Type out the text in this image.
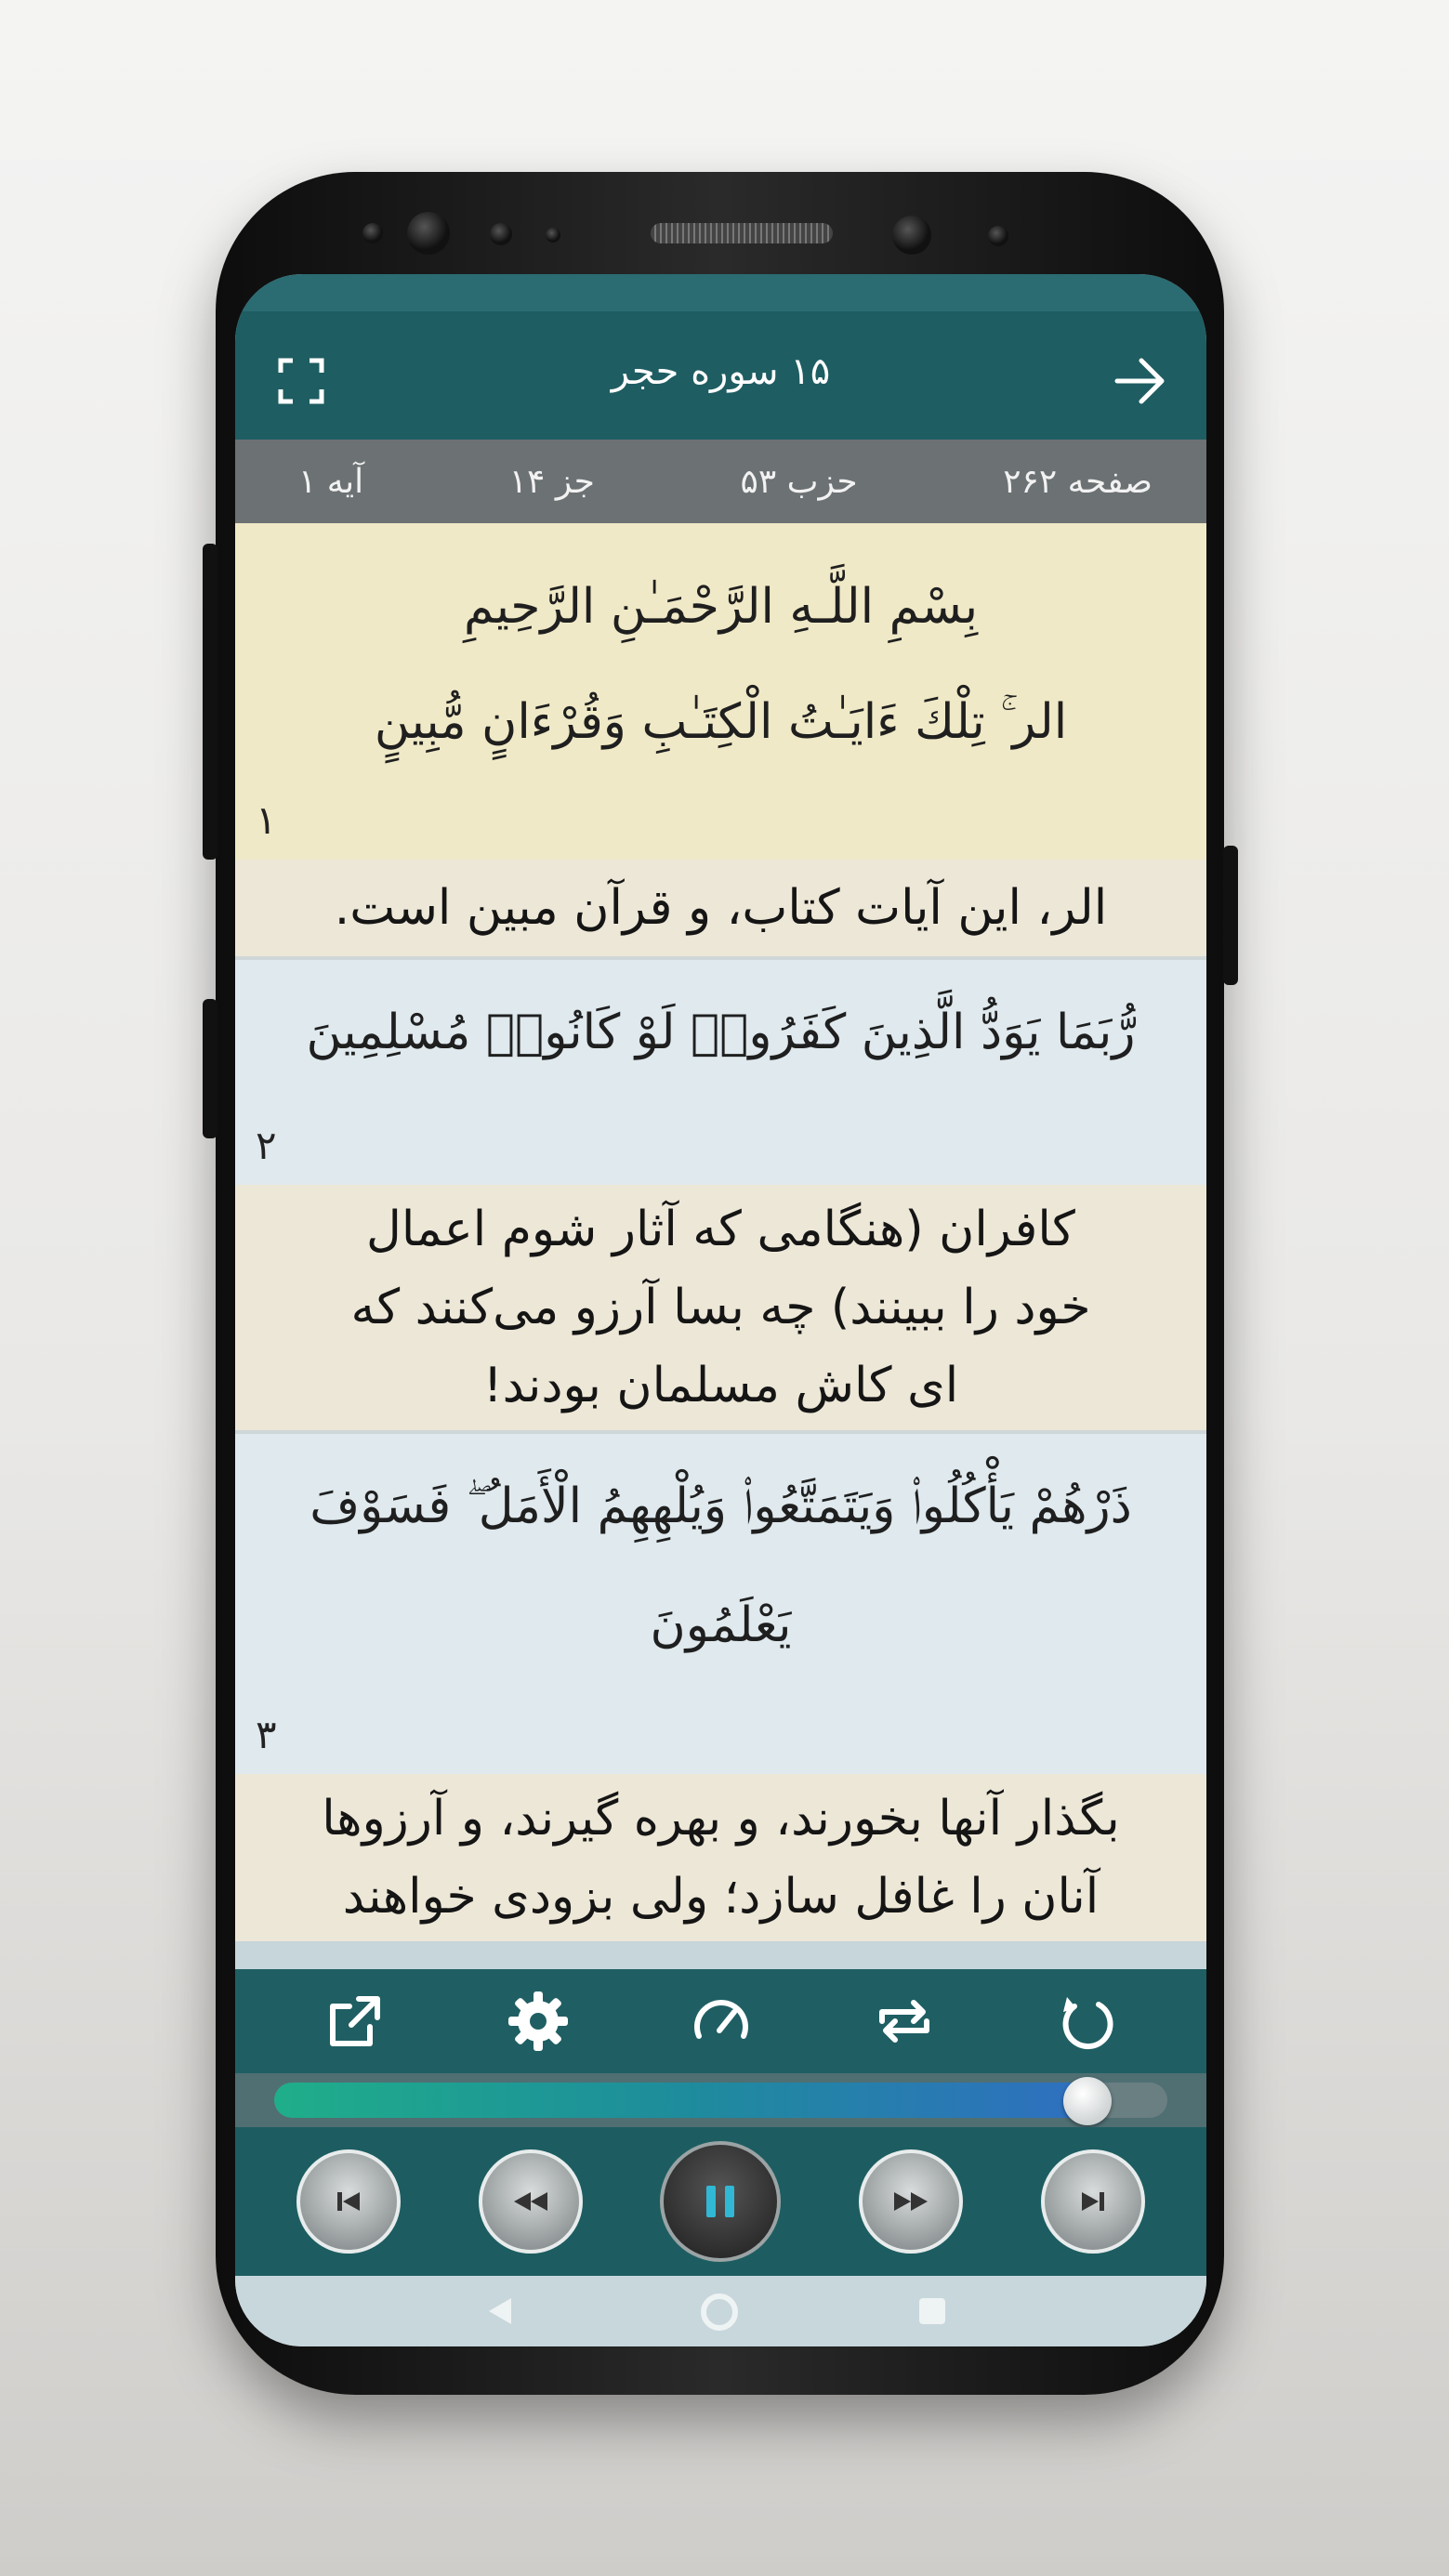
۱۵ سوره حجر
آیه ۱	جز ۱۴	حزب ۵۳	صفحه ۲۶۲
بِسْمِ اللَّـهِ الرَّحْمَـٰنِ الرَّحِيمِ
الر ۚ تِلْكَ ءَايَـٰتُ الْكِتَـٰبِ وَقُرْءَانٍ مُّبِينٍ
۱
الر، این آیات کتاب، و قرآن مبین است.
رُّبَمَا يَوَدُّ الَّذِينَ كَفَرُوا۟ لَوْ كَانُوا۟ مُسْلِمِينَ
۲
کافران (هنگامی که آثار شوم اعمال
خود را ببینند) چه بسا آرزو می‌کنند که
ای کاش مسلمان بودند!
ذَرْهُمْ يَأْكُلُوا۟ وَيَتَمَتَّعُوا۟ وَيُلْهِهِمُ الْأَمَلُ ۖ فَسَوْفَ
يَعْلَمُونَ
۳
بگذار آنها بخورند، و بهره گیرند، و آرزوها
آنان را غافل سازد؛ ولی بزودی خواهند
